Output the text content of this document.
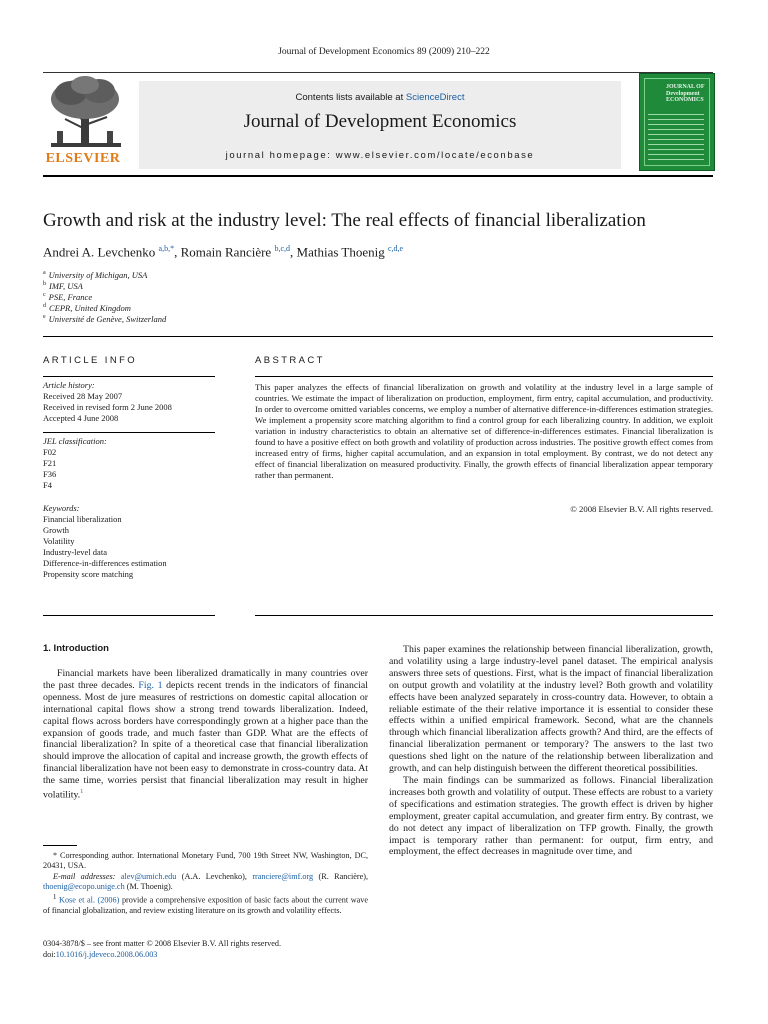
Journal of Development Economics 89 (2009) 210–222
ELSEVIER
Contents lists available at ScienceDirect
Journal of Development Economics
journal homepage: www.elsevier.com/locate/econbase
JOURNAL OF Development ECONOMICS
Growth and risk at the industry level: The real effects of financial liberalization
Andrei A. Levchenko $^{a,b,*}$, Romain Rancière $^{b,c,d}$, Mathias Thoenig $^{c,d,e}$
$^a$ University of Michigan, USA
$^b$ IMF, USA
$^c$ PSE, France
$^d$ CEPR, United Kingdom
$^e$ Université de Genève, Switzerland
ARTICLE INFO
Article history:
Received 28 May 2007
Received in revised form 2 June 2008
Accepted 4 June 2008
JEL classification:
F02
F21
F36
F4
Keywords:
Financial liberalization
Growth
Volatility
Industry-level data
Difference-in-differences estimation
Propensity score matching
ABSTRACT
This paper analyzes the effects of financial liberalization on growth and volatility at the industry level in a large sample of countries. We estimate the impact of liberalization on production, employment, firm entry, capital accumulation, and productivity. In order to overcome omitted variables concerns, we employ a number of alternative difference-in-differences estimation strategies. We implement a propensity score matching algorithm to find a control group for each liberalizing country. In addition, we exploit variation in industry characteristics to obtain an alternative set of difference-in-differences estimates. Financial liberalization is found to have a positive effect on both growth and volatility of production across industries. The positive growth effect comes from increased entry of firms, higher capital accumulation, and an expansion in total employment. By contrast, we do not detect any effect of financial liberalization on measured productivity. Finally, the growth effects of financial liberalization appear temporary rather than permanent.
© 2008 Elsevier B.V. All rights reserved.
1. Introduction

Financial markets have been liberalized dramatically in many countries over the past three decades. Fig. 1 depicts recent trends in the indicators of financial openness. Most de jure measures of restrictions on domestic capital allocation or international capital flows show a strong trend towards liberalization. Indeed, capital flows across borders have correspondingly grown at a higher pace than the expansion of goods trade, and much faster than GDP. What are the effects of financial liberalization? In spite of a theoretical case that financial liberalization should improve the allocation of capital and increase growth, the growth effects of financial liberalization have not been easy to demonstrate in cross-country data. At the same time, worries persist that financial liberalization may result in higher volatility.$^1$

* Corresponding author. International Monetary Fund, 700 19th Street NW, Washington, DC, 20431, USA.

E-mail addresses: alev@umich.edu (A.A. Levchenko), rranciere@imf.org (R. Rancière), thoenig@ecopo.unige.ch (M. Thoenig).

$^1$ Kose et al. (2006) provide a comprehensive exposition of basic facts about the current wave of financial globalization, and review existing literature on its growth and volatility effects.

0304-3878/$ – see front matter © 2008 Elsevier B.V. All rights reserved.
doi:10.1016/j.jdeveco.2008.06.003

This paper examines the relationship between financial liberalization, growth, and volatility using a large industry-level panel dataset. The empirical analysis answers three sets of questions. First, what is the impact of financial liberalization on output growth and volatility at the industry level? Both growth and volatility effects have been analyzed separately in cross-country data. However, to obtain a reliable estimate of the their relative importance it is essential to consider these effects within a unified empirical framework. Second, what are the channels through which financial liberalization affects growth? And third, are the effects of financial liberalization permanent or temporary? The answers to the last two questions shed light on the nature of the relationship between liberalization and growth, and can help distinguish between the different theoretical possibilities.

The main findings can be summarized as follows. Financial liberalization increases both growth and volatility of output. These effects are robust to a variety of specifications and estimation strategies. The growth effect is driven by higher employment, greater capital accumulation, and greater firm entry. By contrast, we do not detect any impact of liberalization on TFP growth. Finally, the growth impact is temporary rather than permanent: for output, firm entry, and employment, the effect decreases in magnitude over time, and
